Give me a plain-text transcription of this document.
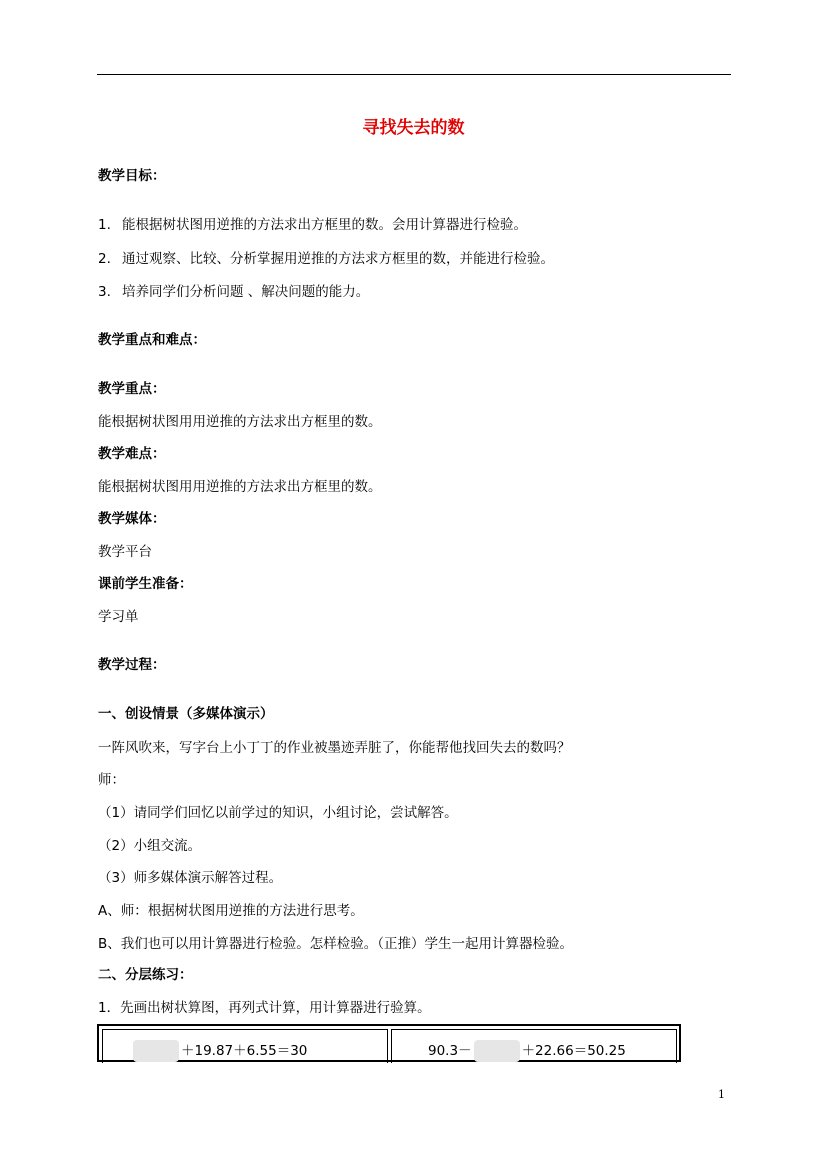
寻找失去的数
教学目标：
1. 能根据树状图用逆推的方法求出方框里的数。会用计算器进行检验。
2. 通过观察、比较、分析掌握用逆推的方法求方框里的数，并能进行检验。
3. 培养同学们分析问题 、解决问题的能力。
教学重点和难点：
教学重点：
能根据树状图用用逆推的方法求出方框里的数。
教学难点：
能根据树状图用用逆推的方法求出方框里的数。
教学媒体：
教学平台
课前学生准备：
学习单
教学过程：
一、创设情景（多媒体演示）
一阵风吹来，写字台上小丁丁的作业被墨迹弄脏了，你能帮他找回失去的数吗？
师：
（1）请同学们回忆以前学过的知识，小组讨论，尝试解答。
（2）小组交流。
（3）师多媒体演示解答过程。
A、师：根据树状图用逆推的方法进行思考。
B、我们也可以用计算器进行检验。怎样检验。（正推）学生一起用计算器检验。
二、分层练习：
1．先画出树状算图，再列式计算，用计算器进行验算。
＋19.87＋6.55＝30	90.3－	＋22.66＝50.25
1
